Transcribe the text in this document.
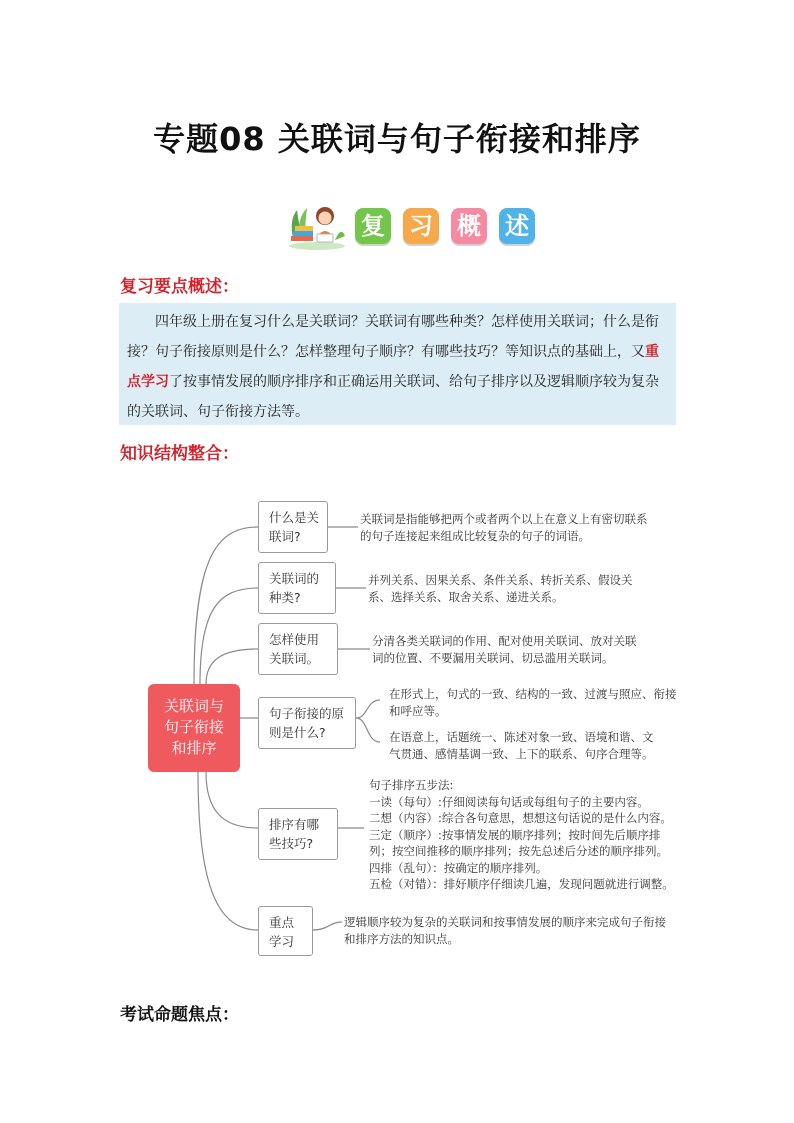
专题08 关联词与句子衔接和排序
复 习 概 述
复习要点概述：
四年级上册在复习什么是关联词？关联词有哪些种类？怎样使用关联词；什么是衔接？句子衔接原则是什么？怎样整理句子顺序？有哪些技巧？等知识点的基础上，又重点学习了按事情发展的顺序排序和正确运用关联词、给句子排序以及逻辑顺序较为复杂的关联词、句子衔接方法等。
知识结构整合：
关联词与句子衔接和排序
什么是关联词?
关联词是指能够把两个或者两个以上在意义上有密切联系
的句子连接起来组成比较复杂的句子的词语。
关联词的种类?
并列关系、因果关系、条件关系、转折关系、假设关
系、选择关系、取舍关系、递进关系。
怎样使用关联词。
分清各类关联词的作用、配对使用关联词、放对关联
词的位置、不要漏用关联词、切忌滥用关联词。
句子衔接的原则是什么?
在形式上，句式的一致、结构的一致、过渡与照应、衔接
和呼应等。
在语意上，话题统一、陈述对象一致、语境和谐、文
气贯通、感情基调一致、上下的联系、句序合理等。
排序有哪些技巧?
句子排序五步法:
一读（每句）:仔细阅读每句话或每组句子的主要内容。
二想（内容）:综合各句意思，想想这句话说的是什么内容。
三定（顺序）:按事情发展的顺序排列；按时间先后顺序排
列；按空间推移的顺序排列；按先总述后分述的顺序排列。
四排（乱句）：按确定的顺序排列。
五检（对错）：排好顺序仔细读几遍，发现问题就进行调整。
重点学习
逻辑顺序较为复杂的关联词和按事情发展的顺序来完成句子衔接
和排序方法的知识点。
考试命题焦点：
